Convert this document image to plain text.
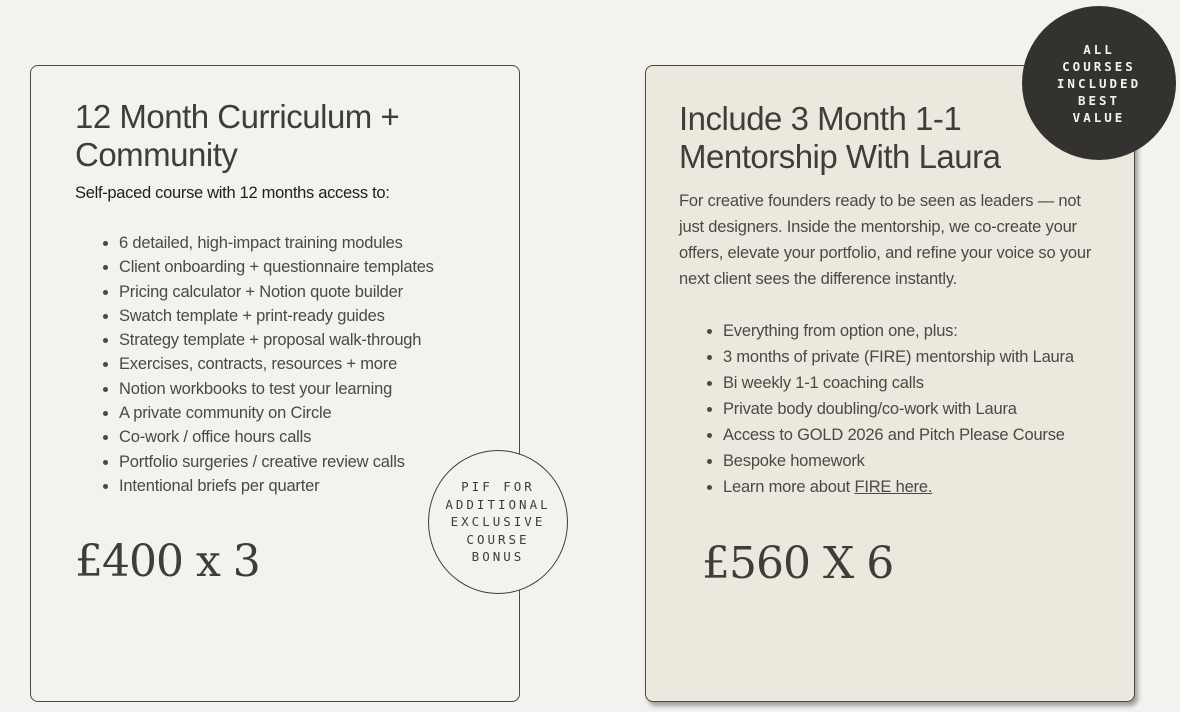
12 Month Curriculum + Community

Self-paced course with 12 months access to:

• 6 detailed, high-impact training modules
• Client onboarding + questionnaire templates
• Pricing calculator + Notion quote builder
• Swatch template + print-ready guides
• Strategy template + proposal walk-through
• Exercises, contracts, resources + more
• Notion workbooks to test your learning
• A private community on Circle
• Co-work / office hours calls
• Portfolio surgeries / creative review calls
• Intentional briefs per quarter

£400 x 3

PIF FOR ADDITIONAL EXCLUSIVE COURSE BONUS
Include 3 Month 1-1 Mentorship With Laura

For creative founders ready to be seen as leaders — not just designers. Inside the mentorship, we co-create your offers, elevate your portfolio, and refine your voice so your next client sees the difference instantly.

• Everything from option one, plus:
• 3 months of private (FIRE) mentorship with Laura
• Bi weekly 1-1 coaching calls
• Private body doubling/co-work with Laura
• Access to GOLD 2026 and Pitch Please Course
• Bespoke homework
• Learn more about FIRE here.

£560 X 6

ALL COURSES INCLUDED BEST VALUE
